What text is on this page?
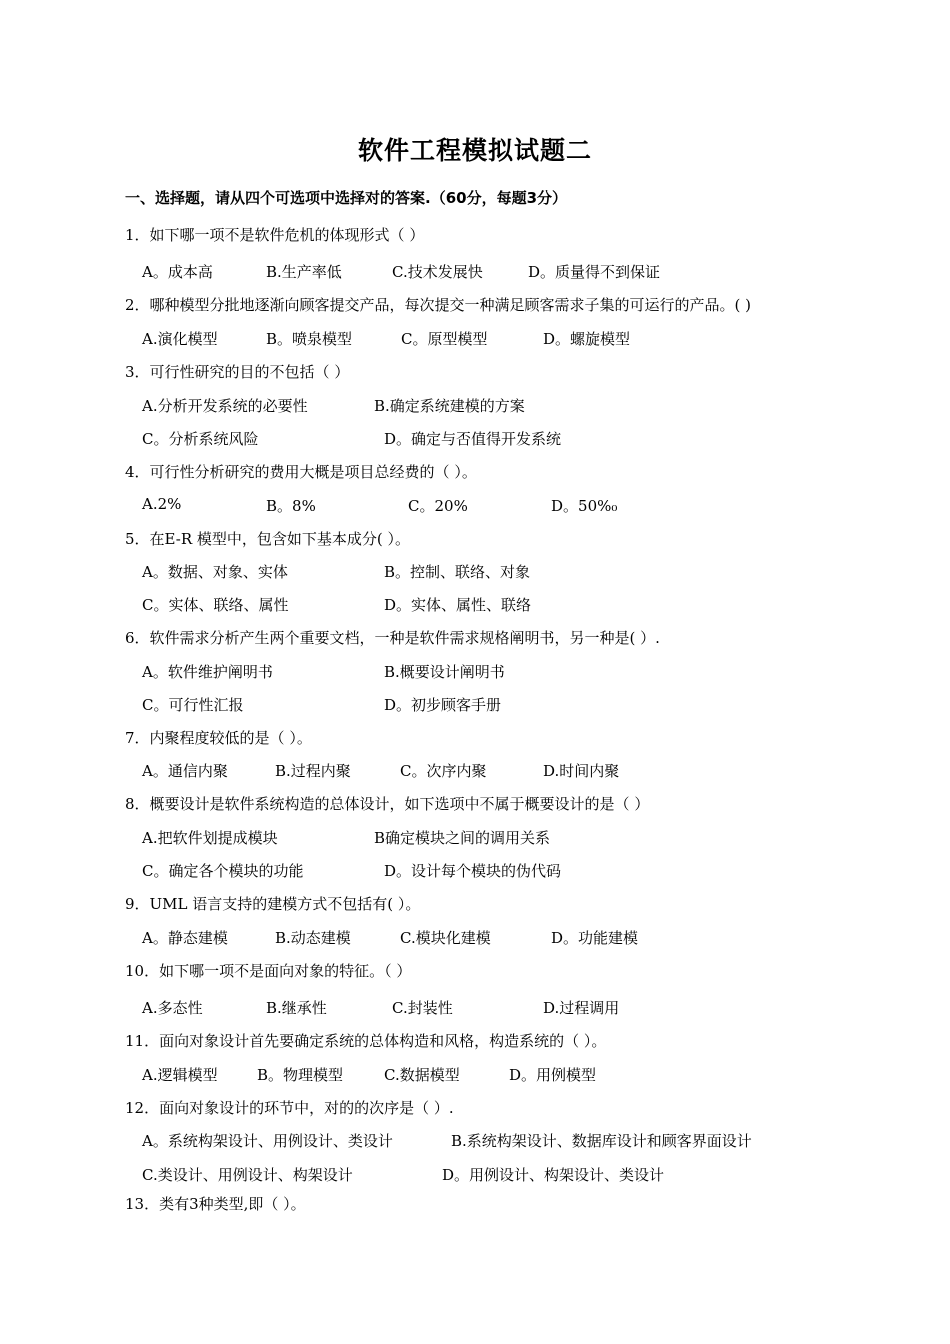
软件工程模拟试题二
一、选择题，请从四个可选项中选择对的答案.（60分，每题3分）
1．如下哪一项不是软件危机的体现形式（ ）
A。成本高	B.生产率低	C.技术发展快	D。质量得不到保证
2．哪种模型分批地逐渐向顾客提交产品，每次提交一种满足顾客需求子集的可运行的产品。( )
A.演化模型	B。喷泉模型	C。原型模型	D。螺旋模型
3．可行性研究的目的不包括（ ）
A.分析开发系统的必要性	B.确定系统建模的方案
C。分析系统风险	D。确定与否值得开发系统
4．可行性分析研究的费用大概是项目总经费的（ ）。
A.2%	B。8%	C。20%	D。50%₀
5．在E-R 模型中，包含如下基本成分( ）。
A。数据、对象、实体	B。控制、联络、对象
C。实体、联络、属性	D。实体、属性、联络
6．软件需求分析产生两个重要文档，一种是软件需求规格阐明书，另一种是( ）.
A。软件维护阐明书	B.概要设计阐明书
C。可行性汇报	D。初步顾客手册
7．内聚程度较低的是（ ）。
A。通信内聚	B.过程内聚	C。次序内聚	D.时间内聚
8．概要设计是软件系统构造的总体设计，如下选项中不属于概要设计的是（ ）
A.把软件划提成模块	B确定模块之间的调用关系
C。确定各个模块的功能	D。设计每个模块的伪代码
9．UML 语言支持的建模方式不包括有( ）。
A。静态建模	B.动态建模	C.模块化建模	D。功能建模
10．如下哪一项不是面向对象的特征。（ ）
A.多态性	B.继承性	C.封装性	D.过程调用
11．面向对象设计首先要确定系统的总体构造和风格，构造系统的（ ）。
A.逻辑模型	B。物理模型	C.数据模型	D。用例模型
12．面向对象设计的环节中，对的的次序是（ ）.
A。系统构架设计、用例设计、类设计	B.系统构架设计、数据库设计和顾客界面设计
C.类设计、用例设计、构架设计	D。用例设计、构架设计、类设计
13．类有3种类型,即（ ）。
